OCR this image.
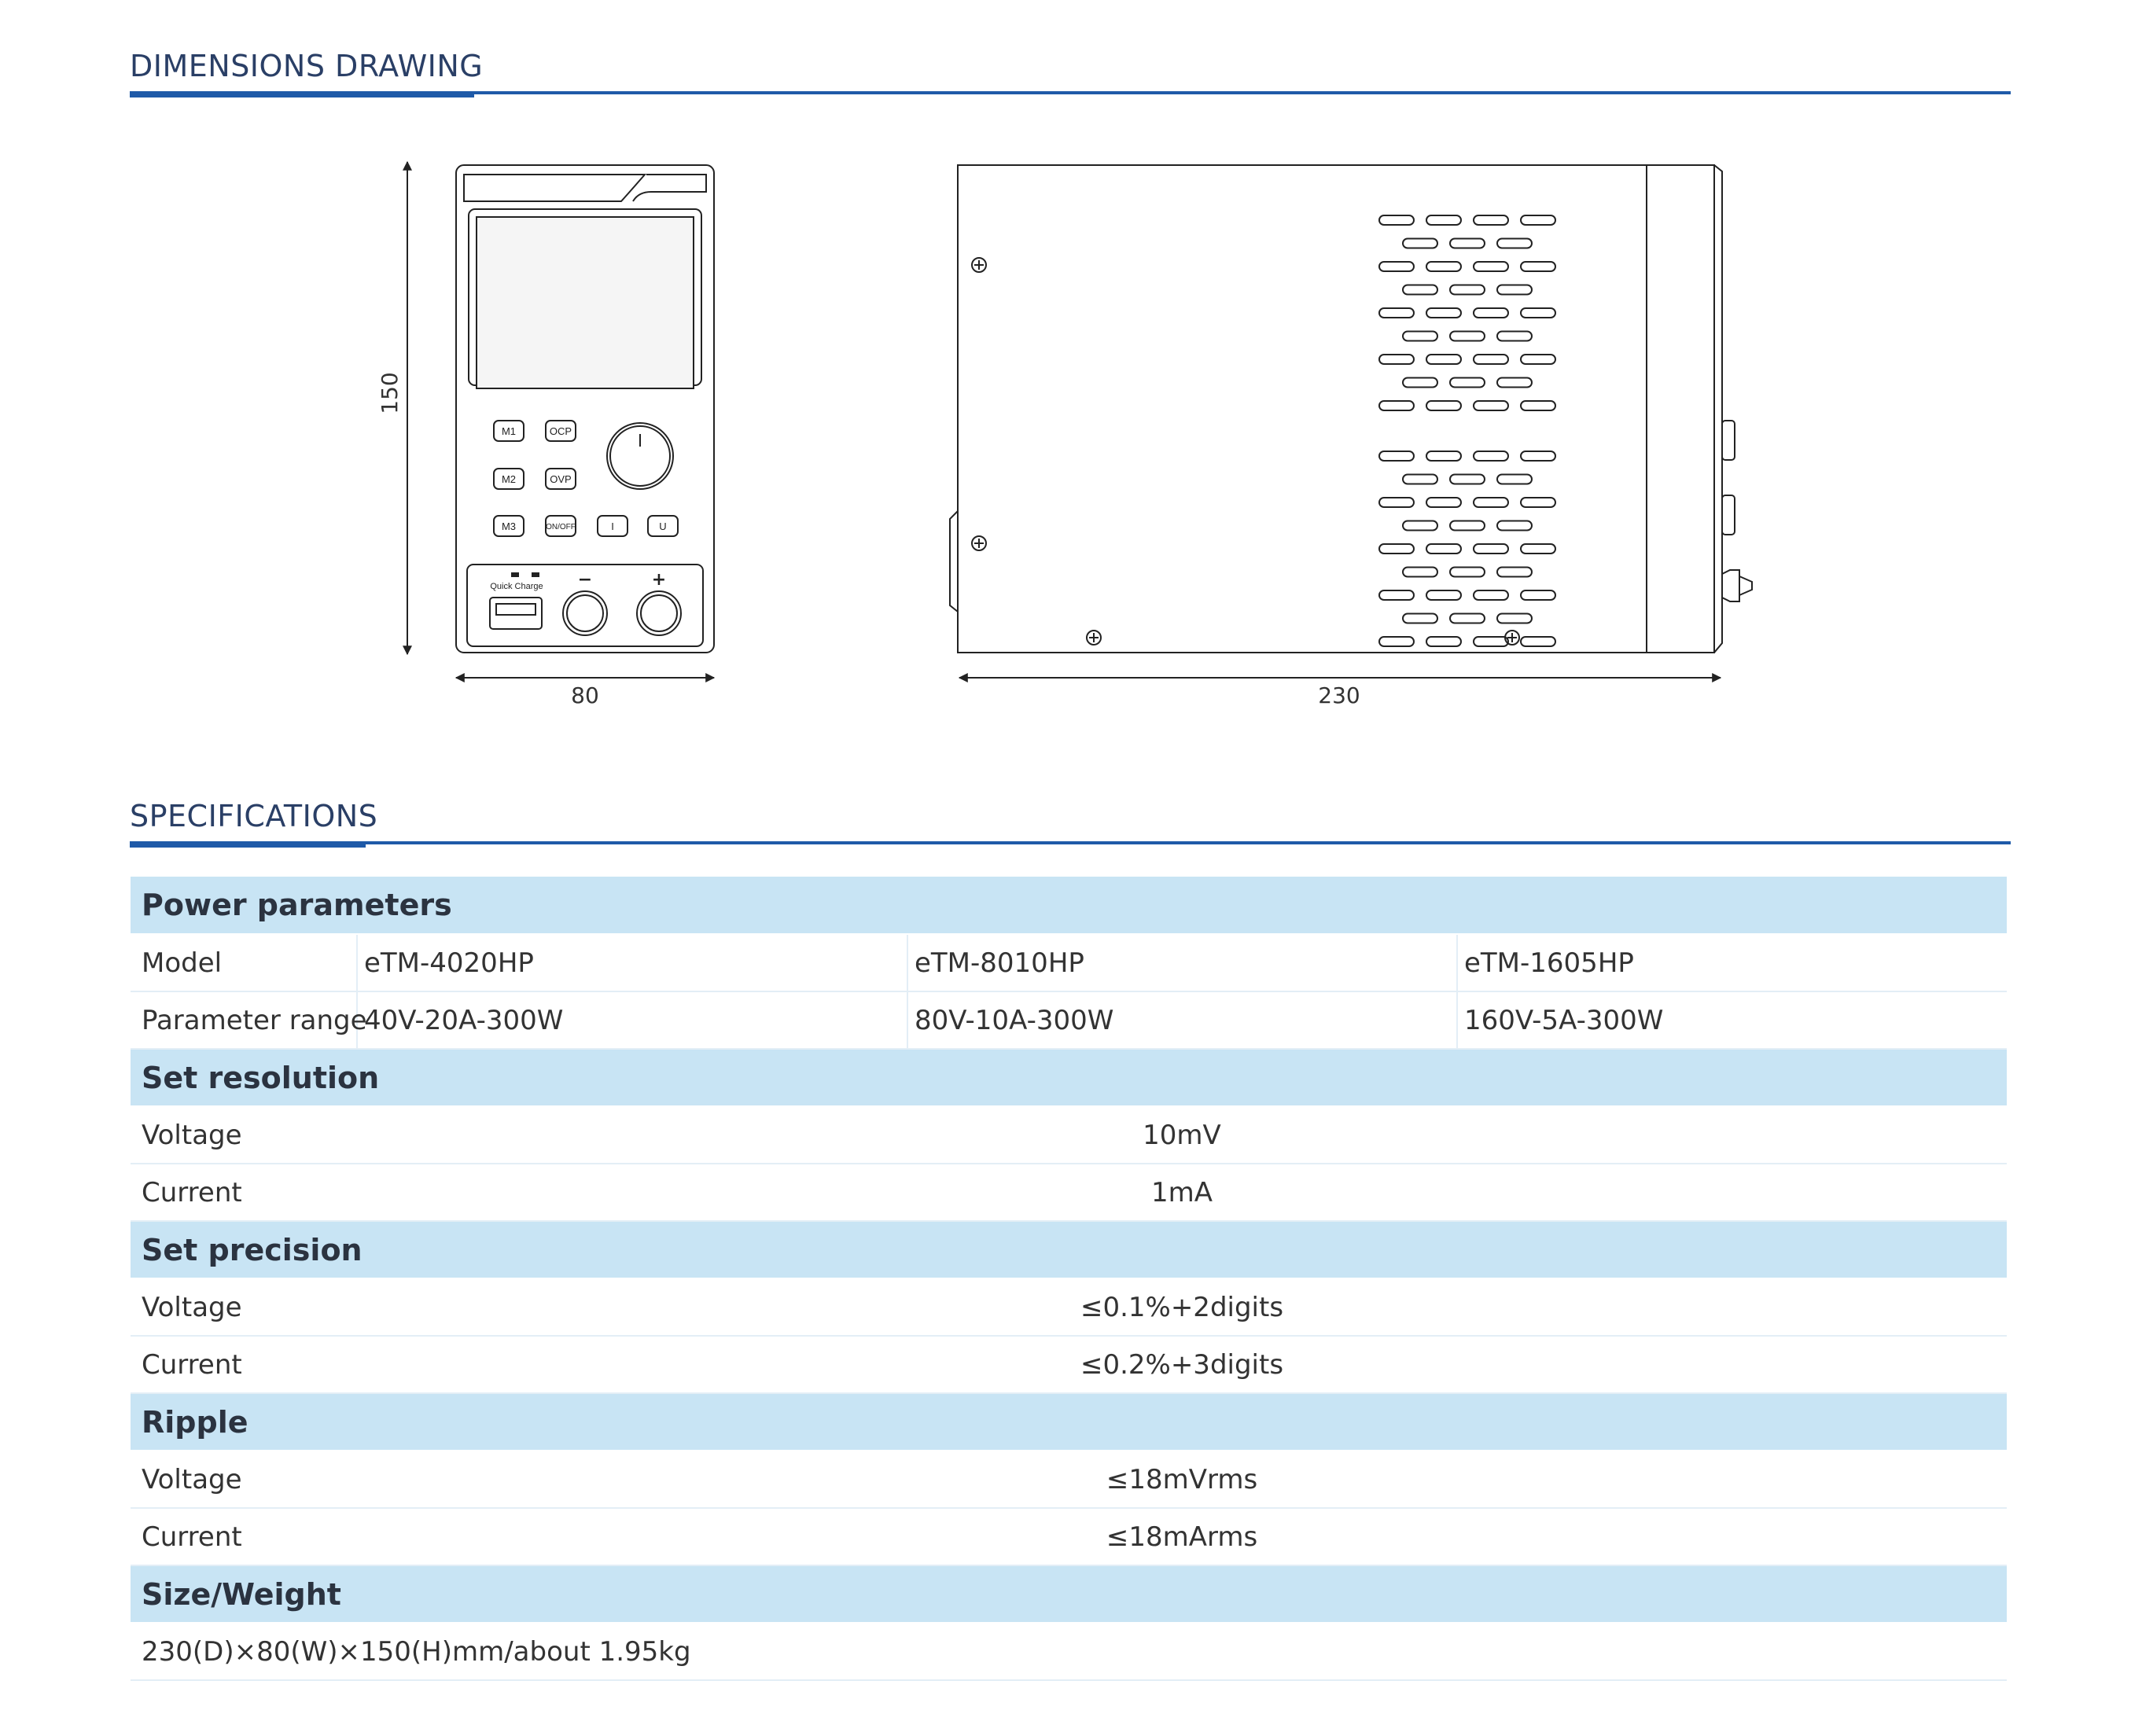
DIMENSIONS DRAWING
SPECIFICATIONS
150
80
M1	OCP
M2	OVP
M3	ON/OFF	I	U
Quick Charge −	+
230
Power parameters			
Model	eTM-4020HP	eTM-8010HP	eTM-1605HP
Parameter range	40V-20A-300W	80V-10A-300W	160V-5A-300W
Set resolution			
Voltage	10mV		
Current	1mA		
Set precision			
Voltage	≤0.1%+2digits		
Current	≤0.2%+3digits		
Ripple			
Voltage	≤18mVrms		
Current	≤18mArms		
Size/Weight			
230(D)×80(W)×150(H)mm/about 1.95kg			
